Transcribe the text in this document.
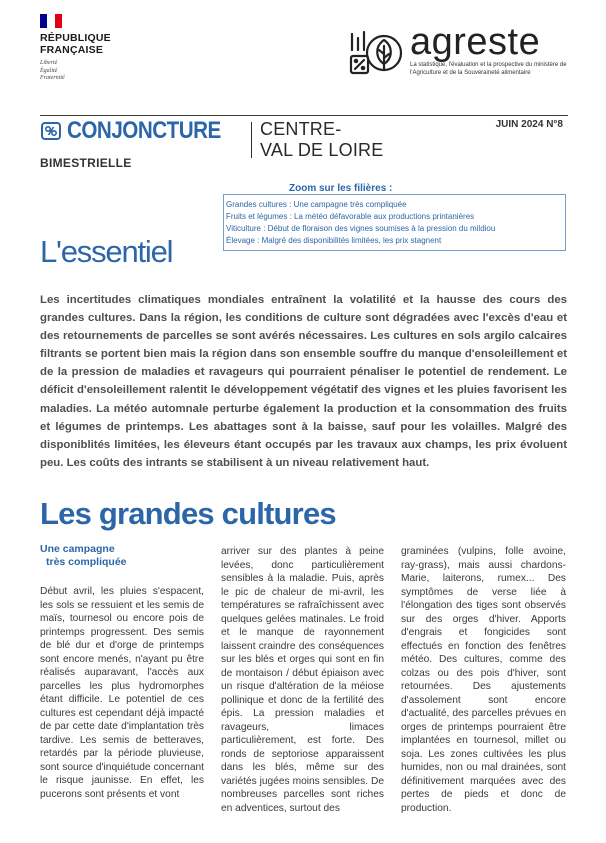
RÉPUBLIQUE
FRANÇAISE
Liberté
Égalité
Fraternité
agreste
La statistique, l'évaluation et la prospective du ministère de l'Agriculture et de la Souveraineté alimentaire
CONJONCTURE CENTRE-
VAL DE LOIRE
JUIN 2024 N°8
BIMESTRIELLE
Zoom sur les filières :
Grandes cultures : Une campagne très compliquée
Fruits et légumes : La météo défavorable aux productions printanières
Viticulture : Début de floraison des vignes soumises à la pression du mildiou
Élevage : Malgré des disponibilités limitées, les prix stagnent
L'essentiel

Les incertitudes climatiques mondiales entraînent la volatilité et la hausse des cours des grandes cultures. Dans la région, les conditions de culture sont dégradées avec l'excès d'eau et des retournements de parcelles se sont avérés nécessaires. Les cultures en sols argilo calcaires filtrants se portent bien mais la région dans son ensemble souffre du manque d'ensoleillement et de la pression de maladies et ravageurs qui pourraient pénaliser le potentiel de rendement. Le déficit d'ensoleillement ralentit le développement végétatif des vignes et les pluies favorisent les maladies. La météo automnale perturbe également la production et la consommation des fruits et légumes de printemps. Les abattages sont à la baisse, sauf pour les volailles. Malgré des disponiblités limitées, les éleveurs étant occupés par les travaux aux champs, les prix évoluent peu. Les coûts des intrants se stabilisent à un niveau relativement haut.

Les grandes cultures
Une campagne
très compliquée

Début avril, les pluies s'espacent, les sols se ressuient et les semis de maïs, tournesol ou encore pois de printemps progressent. Des semis de blé dur et d'orge de printemps sont encore menés, n'ayant pu être réalisés auparavant, l'accès aux parcelles les plus hydromorphes étant difficile. Le potentiel de ces cultures est cependant déjà impacté de par cette date d'implantation très tardive. Les semis de betteraves, retardés par la période pluvieuse, sont source d'inquiétude concernant le risque jaunisse. En effet, les pucerons sont présents et vont

arriver sur des plantes à peine levées, donc particulièrement sensibles à la maladie. Puis, après le pic de chaleur de mi-avril, les températures se rafraîchissent avec quelques gelées matinales. Le froid et le manque de rayonnement laissent craindre des conséquences sur les blés et orges qui sont en fin de montaison / début épiaison avec un risque d'altération de la méiose pollinique et donc de la fertilité des épis. La pression maladies et ravageurs, limaces particulièrement, est forte. Des ronds de septoriose apparaissent dans les blés, même sur des variétés jugées moins sensibles. De nombreuses parcelles sont riches en adventices, surtout des

graminées (vulpins, folle avoine, ray-grass), mais aussi chardons-Marie, laiterons, rumex... Des symptômes de verse liée à l'élongation des tiges sont observés sur des orges d'hiver. Apports d'engrais et fongicides sont effectués en fonction des fenêtres météo. Des cultures, comme des colzas ou des pois d'hiver, sont retournées. Des ajustements d'assolement sont encore d'actualité, des parcelles prévues en orges de printemps pourraient être implantées en tournesol, millet ou soja. Les zones cultivées les plus humides, non ou mal drainées, sont définitivement marquées avec des pertes de pieds et donc de production.
